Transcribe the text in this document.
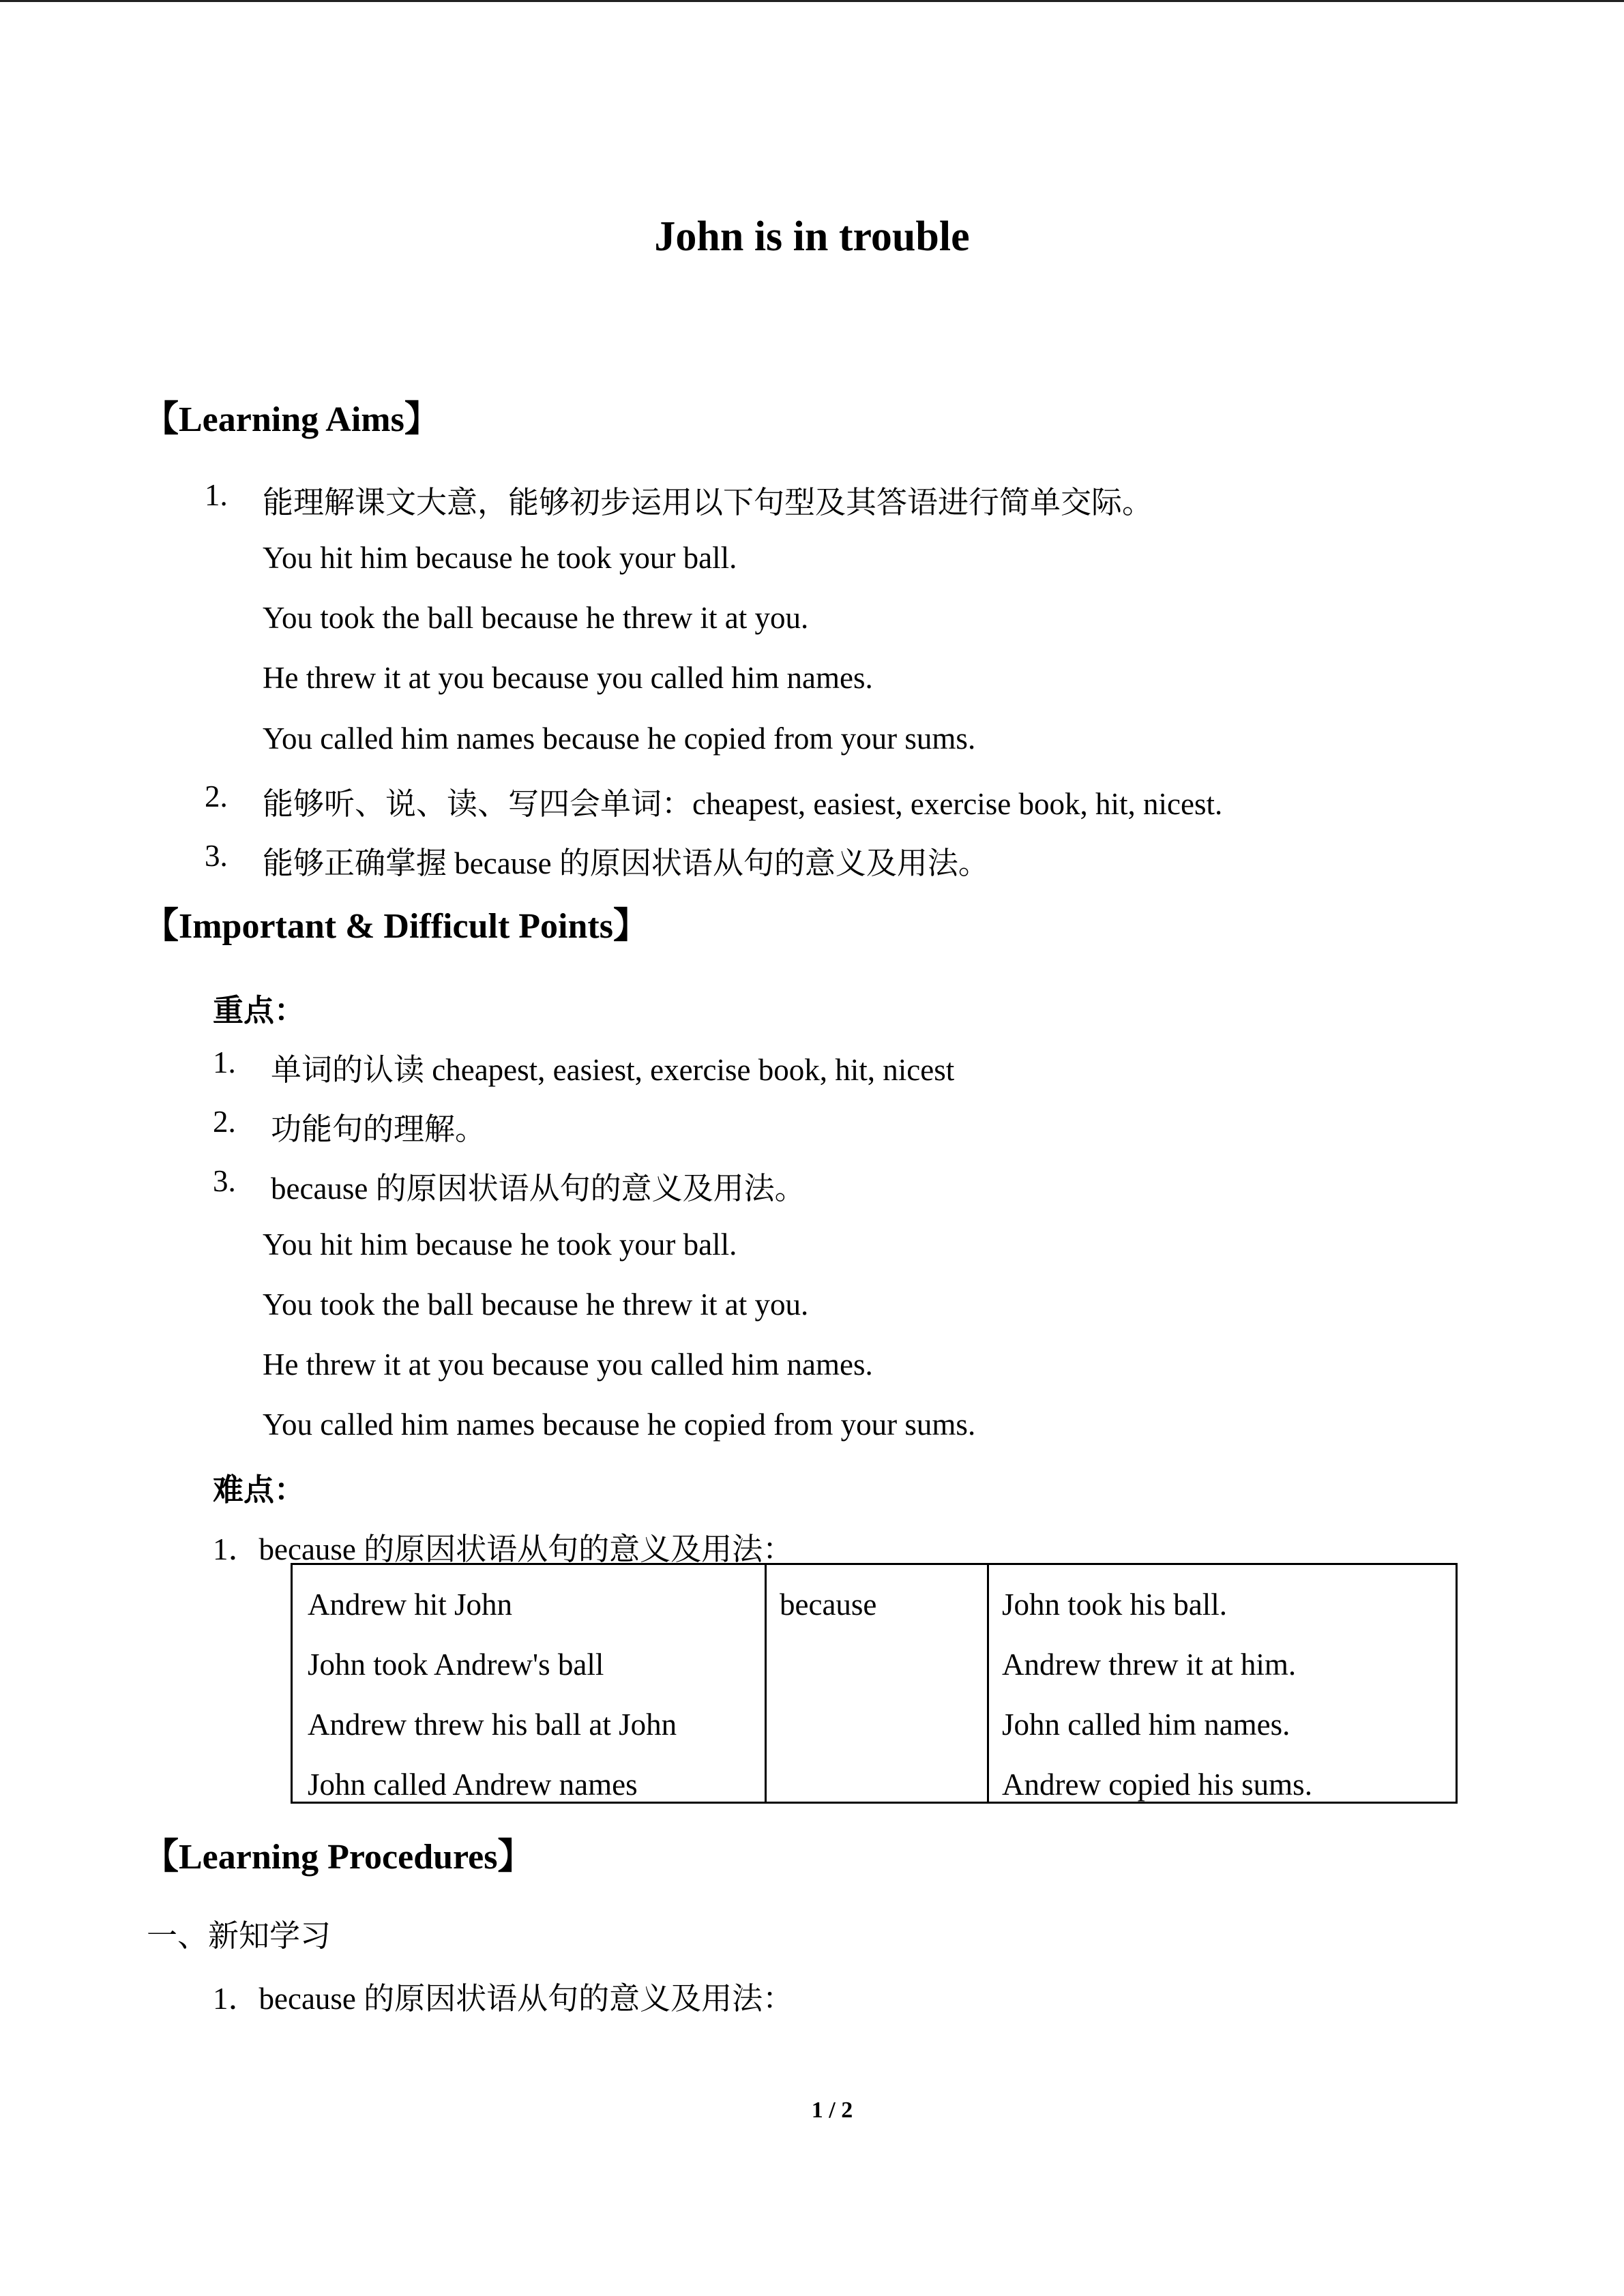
John is in trouble
【Learning Aims】
1. 能理解课文大意，能够初步运用以下句型及其答语进行简单交际。
You hit him because he took your ball.
You took the ball because he threw it at you.
He threw it at you because you called him names.
You called him names because he copied from your sums.
2. 能够听、说、读、写四会单词：cheapest, easiest, exercise book, hit, nicest.
3. 能够正确掌握 because 的原因状语从句的意义及用法。
【Important & Difficult Points】
重点：
1. 单词的认读 cheapest, easiest, exercise book, hit, nicest
2. 功能句的理解。
3. because 的原因状语从句的意义及用法。
You hit him because he took your ball.
You took the ball because he threw it at you.
He threw it at you because you called him names.
You called him names because he copied from your sums.
难点：
1．because 的原因状语从句的意义及用法：
Andrew hit John
John took Andrew's ball
Andrew threw his ball at John
John called Andrew names
because	John took his ball.
Andrew threw it at him.
John called him names.
Andrew copied his sums.
【Learning Procedures】
一、新知学习
1．because 的原因状语从句的意义及用法：
1 / 2
